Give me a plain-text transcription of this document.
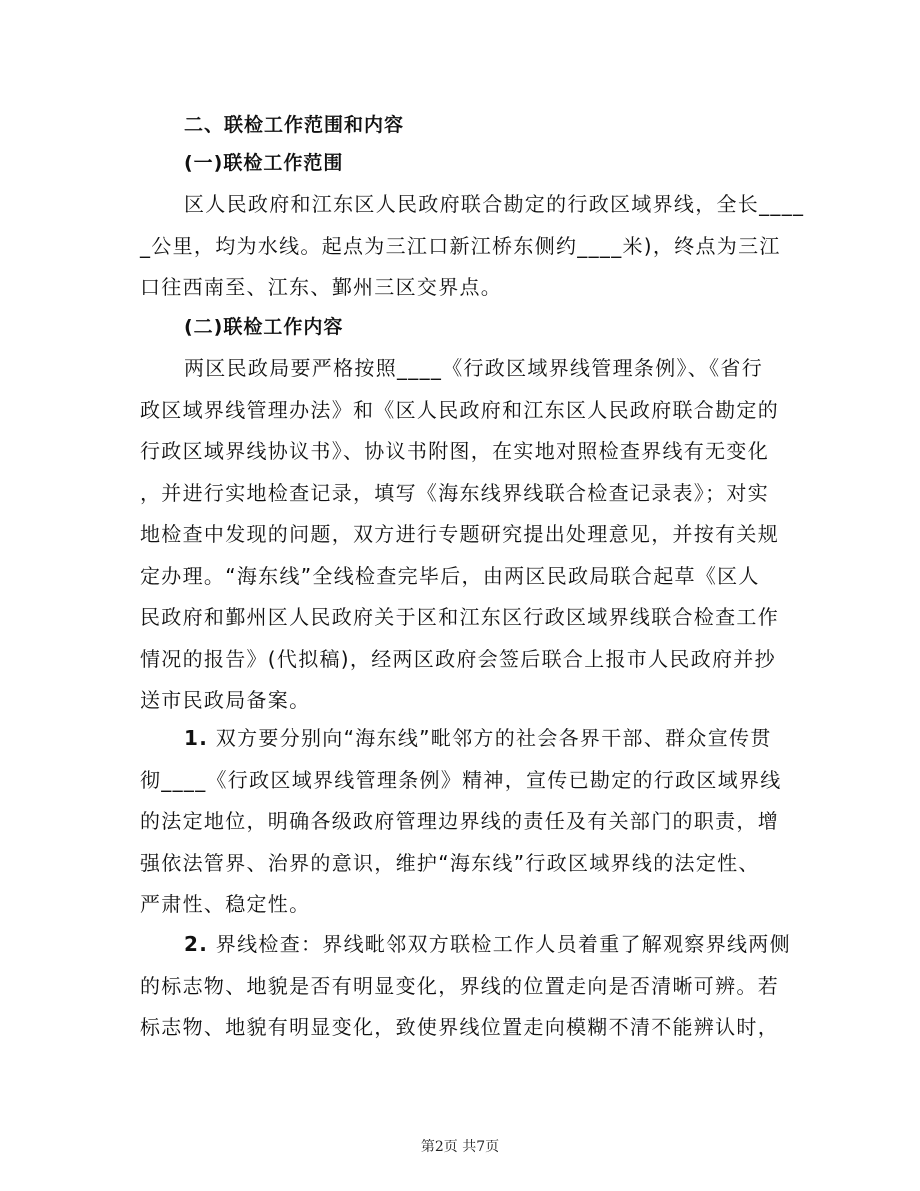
二、联检工作范围和内容
(一)联检工作范围
区人民政府和江东区人民政府联合勘定的行政区域界线，全长____
_公里，均为水线。起点为三江口新江桥东侧约____米)，终点为三江
口往西南至、江东、鄞州三区交界点。
(二)联检工作内容
两区民政局要严格按照____《行政区域界线管理条例》、《省行
政区域界线管理办法》和《区人民政府和江东区人民政府联合勘定的
行政区域界线协议书》、协议书附图，在实地对照检查界线有无变化
，并进行实地检查记录，填写《海东线界线联合检查记录表》；对实
地检查中发现的问题，双方进行专题研究提出处理意见，并按有关规
定办理。“海东线”全线检查完毕后，由两区民政局联合起草《区人
民政府和鄞州区人民政府关于区和江东区行政区域界线联合检查工作
情况的报告》(代拟稿)，经两区政府会签后联合上报市人民政府并抄
送市民政局备案。
1. 双方要分别向“海东线”毗邻方的社会各界干部、群众宣传贯
彻____《行政区域界线管理条例》精神，宣传已勘定的行政区域界线
的法定地位，明确各级政府管理边界线的责任及有关部门的职责，增
强依法管界、治界的意识，维护“海东线”行政区域界线的法定性、
严肃性、稳定性。
2. 界线检查：界线毗邻双方联检工作人员着重了解观察界线两侧
的标志物、地貌是否有明显变化，界线的位置走向是否清晰可辨。若
标志物、地貌有明显变化，致使界线位置走向模糊不清不能辨认时，
第2页 共7页
